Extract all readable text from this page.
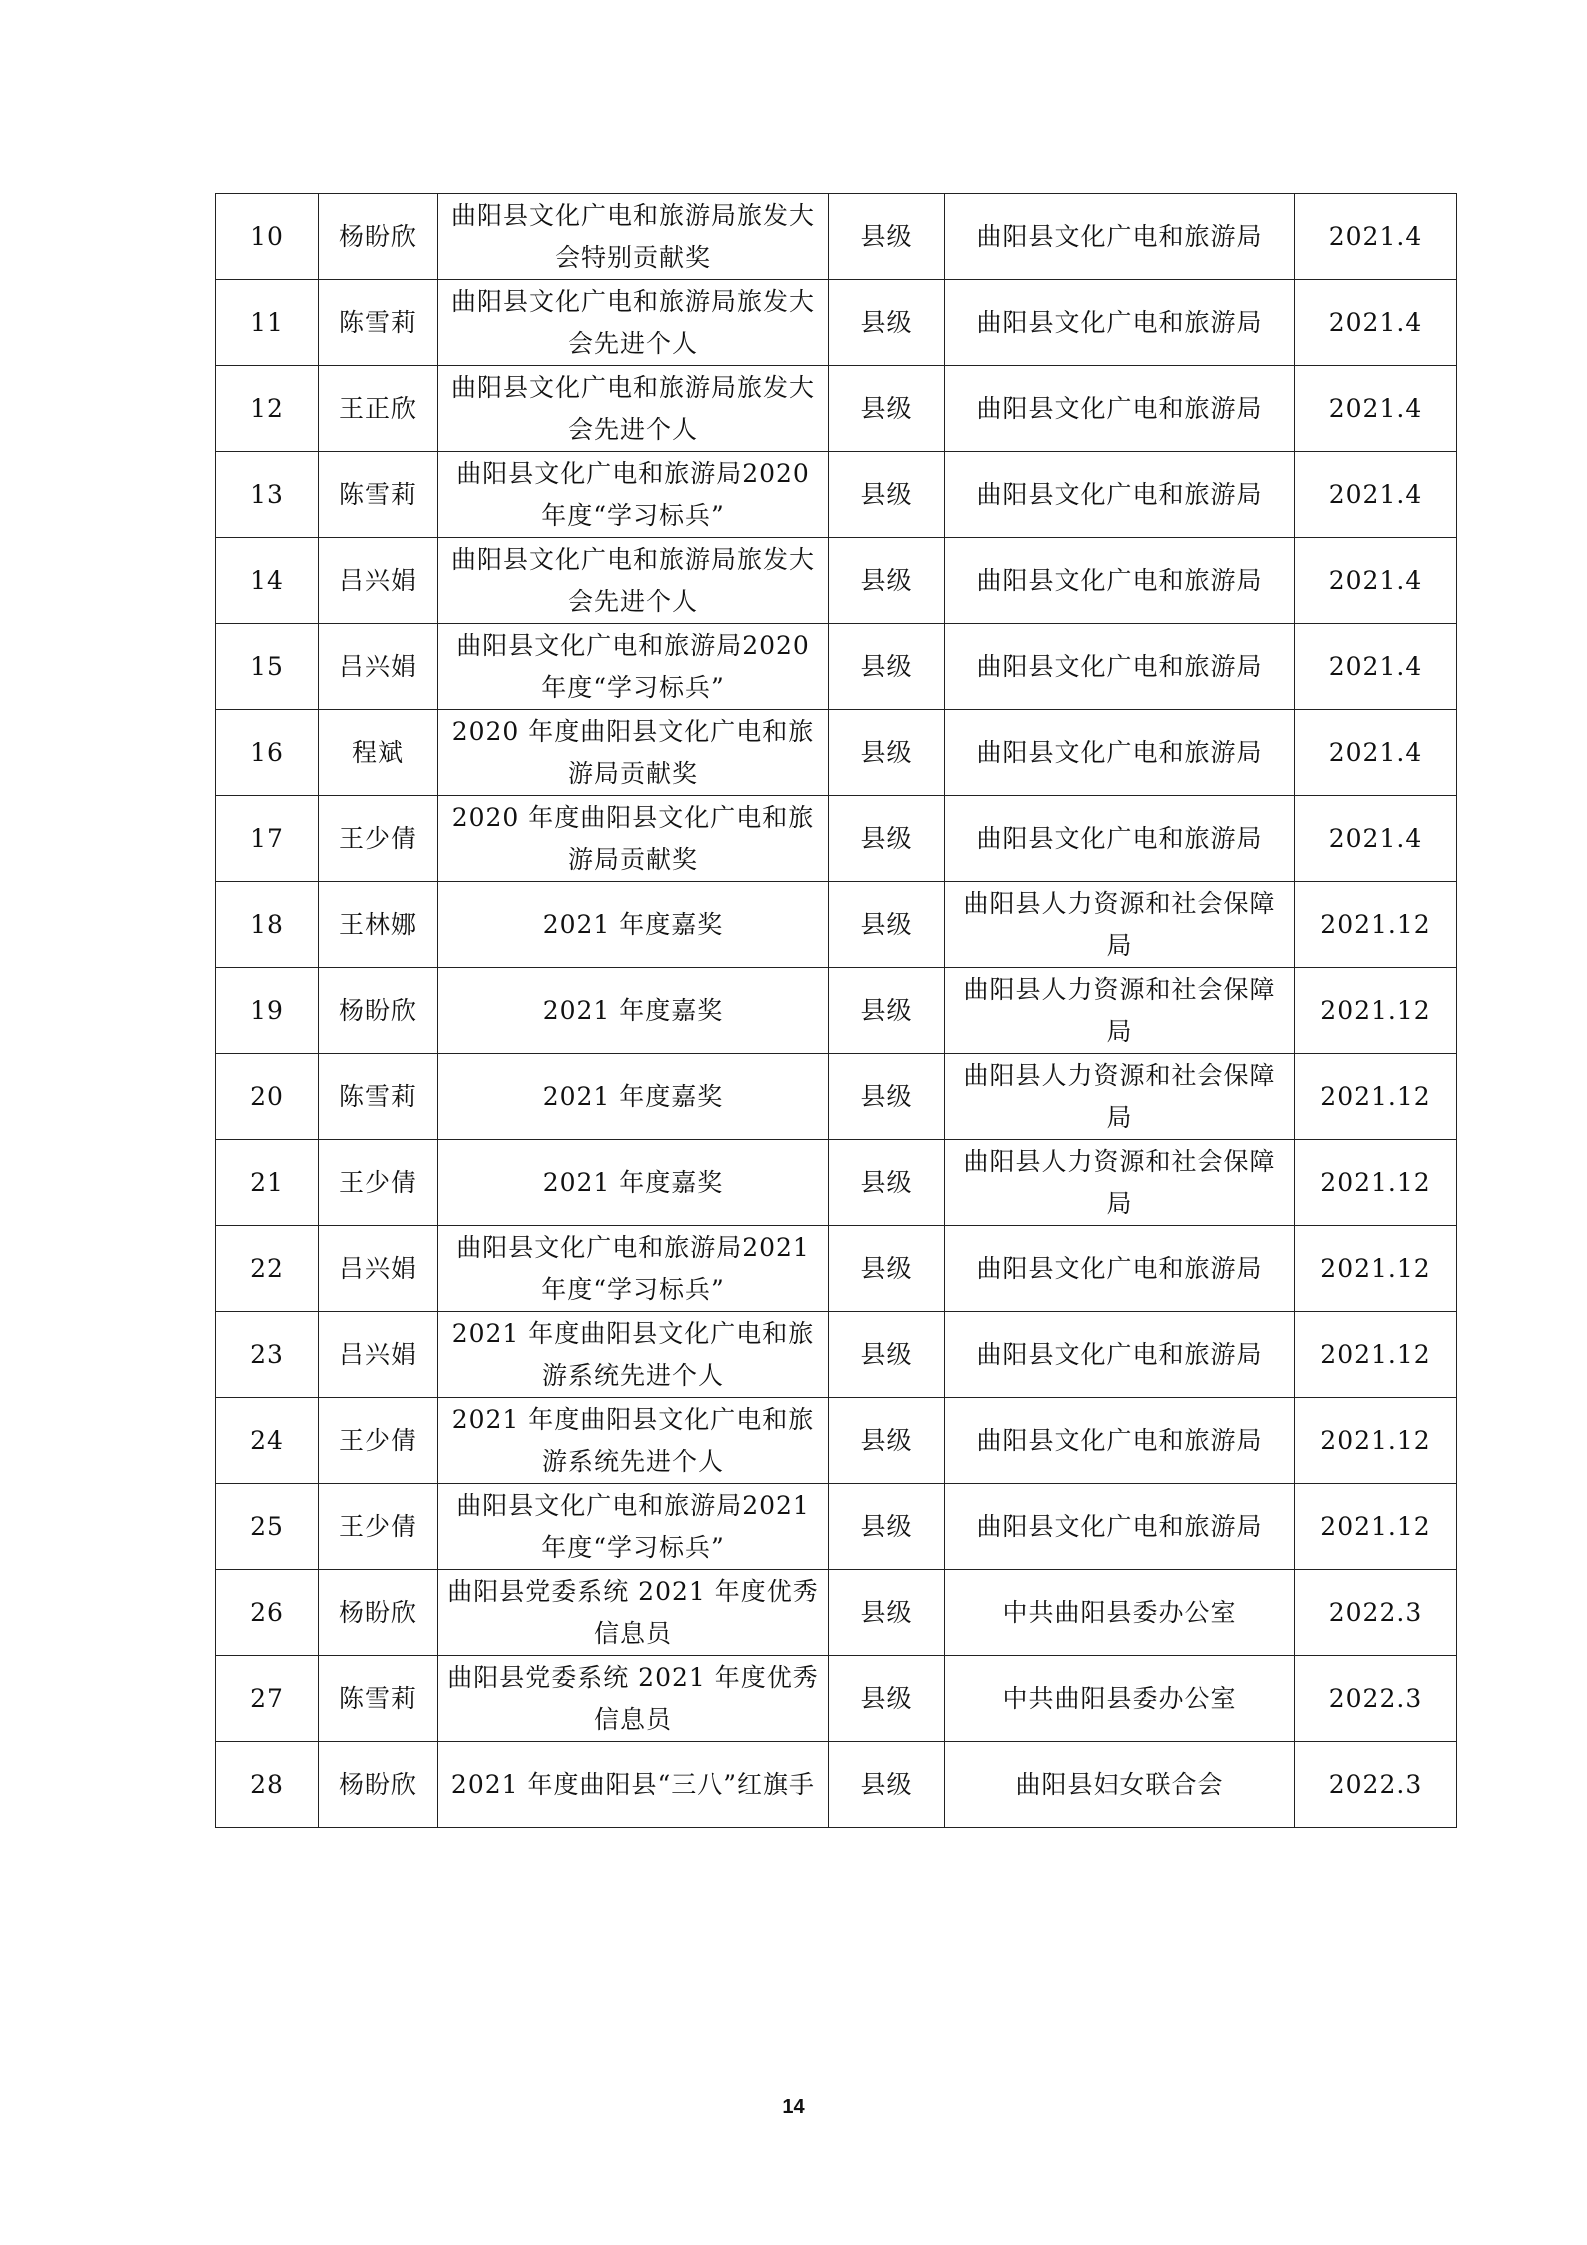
10	杨盼欣	曲阳县文化广电和旅游局旅发大会特别贡献奖	县级	曲阳县文化广电和旅游局	2021.4
11	陈雪莉	曲阳县文化广电和旅游局旅发大会先进个人	县级	曲阳县文化广电和旅游局	2021.4
12	王正欣	曲阳县文化广电和旅游局旅发大会先进个人	县级	曲阳县文化广电和旅游局	2021.4
13	陈雪莉	曲阳县文化广电和旅游局2020 年度“学习标兵”	县级	曲阳县文化广电和旅游局	2021.4
14	吕兴娟	曲阳县文化广电和旅游局旅发大会先进个人	县级	曲阳县文化广电和旅游局	2021.4
15	吕兴娟	曲阳县文化广电和旅游局2020 年度“学习标兵”	县级	曲阳县文化广电和旅游局	2021.4
16	程斌	2020 年度曲阳县文化广电和旅游局贡献奖	县级	曲阳县文化广电和旅游局	2021.4
17	王少倩	2020 年度曲阳县文化广电和旅游局贡献奖	县级	曲阳县文化广电和旅游局	2021.4
18	王林娜	2021 年度嘉奖	县级	曲阳县人力资源和社会保障局	2021.12
19	杨盼欣	2021 年度嘉奖	县级	曲阳县人力资源和社会保障局	2021.12
20	陈雪莉	2021 年度嘉奖	县级	曲阳县人力资源和社会保障局	2021.12
21	王少倩	2021 年度嘉奖	县级	曲阳县人力资源和社会保障局	2021.12
22	吕兴娟	曲阳县文化广电和旅游局2021 年度“学习标兵”	县级	曲阳县文化广电和旅游局	2021.12
23	吕兴娟	2021 年度曲阳县文化广电和旅游系统先进个人	县级	曲阳县文化广电和旅游局	2021.12
24	王少倩	2021 年度曲阳县文化广电和旅游系统先进个人	县级	曲阳县文化广电和旅游局	2021.12
25	王少倩	曲阳县文化广电和旅游局2021 年度“学习标兵”	县级	曲阳县文化广电和旅游局	2021.12
26	杨盼欣	曲阳县党委系统 2021 年度优秀信息员	县级	中共曲阳县委办公室	2022.3
27	陈雪莉	曲阳县党委系统 2021 年度优秀信息员	县级	中共曲阳县委办公室	2022.3
28	杨盼欣	2021 年度曲阳县“三八”红旗手	县级	曲阳县妇女联合会	2022.3
14
